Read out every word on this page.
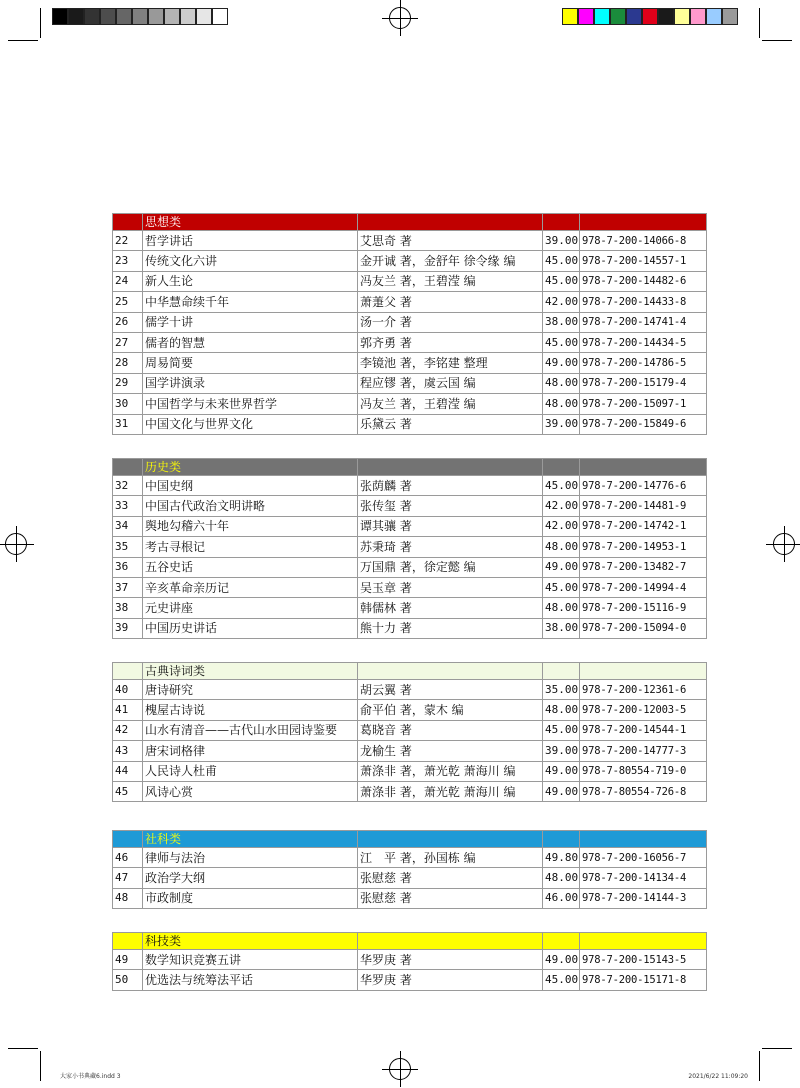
	思想类			
22	哲学讲话	艾思奇 著	39.00	978-7-200-14066-8
23	传统文化六讲	金开诚 著，金舒年 徐令缘 编	45.00	978-7-200-14557-1
24	新人生论	冯友兰 著，王碧滢 编	45.00	978-7-200-14482-6
25	中华慧命续千年	萧萐父 著	42.00	978-7-200-14433-8
26	儒学十讲	汤一介 著	38.00	978-7-200-14741-4
27	儒者的智慧	郭齐勇 著	45.00	978-7-200-14434-5
28	周易简要	李镜池 著，李铭建 整理	49.00	978-7-200-14786-5
29	国学讲演录	程应镠 著，虞云国 编	48.00	978-7-200-15179-4
30	中国哲学与未来世界哲学	冯友兰 著，王碧滢 编	48.00	978-7-200-15097-1
31	中国文化与世界文化	乐黛云 著	39.00	978-7-200-15849-6
	历史类			
32	中国史纲	张荫麟 著	45.00	978-7-200-14776-6
33	中国古代政治文明讲略	张传玺 著	42.00	978-7-200-14481-9
34	舆地勾稽六十年	谭其骧 著	42.00	978-7-200-14742-1
35	考古寻根记	苏秉琦 著	48.00	978-7-200-14953-1
36	五谷史话	万国鼎 著，徐定懿 编	49.00	978-7-200-13482-7
37	辛亥革命亲历记	吴玉章 著	45.00	978-7-200-14994-4
38	元史讲座	韩儒林 著	48.00	978-7-200-15116-9
39	中国历史讲话	熊十力 著	38.00	978-7-200-15094-0
	古典诗词类			
40	唐诗研究	胡云翼 著	35.00	978-7-200-12361-6
41	槐屋古诗说	俞平伯 著，蒙木 编	48.00	978-7-200-12003-5
42	山水有清音——古代山水田园诗鉴要	葛晓音 著	45.00	978-7-200-14544-1
43	唐宋词格律	龙榆生 著	39.00	978-7-200-14777-3
44	人民诗人杜甫	萧涤非 著，萧光乾 萧海川 编	49.00	978-7-80554-719-0
45	风诗心赏	萧涤非 著，萧光乾 萧海川 编	49.00	978-7-80554-726-8
	社科类			
46	律师与法治	江　平 著，孙国栋 编	49.80	978-7-200-16056-7
47	政治学大纲	张慰慈 著	48.00	978-7-200-14134-4
48	市政制度	张慰慈 著	46.00	978-7-200-14144-3
	科技类			
49	数学知识竞赛五讲	华罗庚 著	49.00	978-7-200-15143-5
50	优选法与统筹法平话	华罗庚 著	45.00	978-7-200-15171-8
大家小书典藏6.indd 3	2021/6/22 11:09:20
